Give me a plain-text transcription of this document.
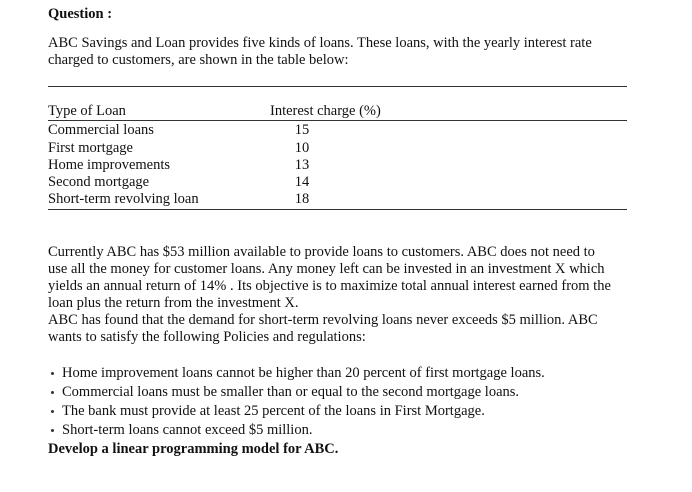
Question :
ABC Savings and Loan provides five kinds of loans. These loans, with the yearly interest rate
charged to customers, are shown in the table below:
Type of Loan	Interest charge (%)
Commercial loans	15
First mortgage	10
Home improvements	13
Second mortgage	14
Short-term revolving loan	18
Currently ABC has $53 million available to provide loans to customers. ABC does not need to
use all the money for customer loans. Any money left can be invested in an investment X which
yields an annual return of 14% . Its objective is to maximize total annual interest earned from the
loan plus the return from the investment X.
ABC has found that the demand for short-term revolving loans never exceeds $5 million. ABC
wants to satisfy the following Policies and regulations:
Home improvement loans cannot be higher than 20 percent of first mortgage loans.
Commercial loans must be smaller than or equal to the second mortgage loans.
The bank must provide at least 25 percent of the loans in First Mortgage.
Short-term loans cannot exceed $5 million.
Develop a linear programming model for ABC.
